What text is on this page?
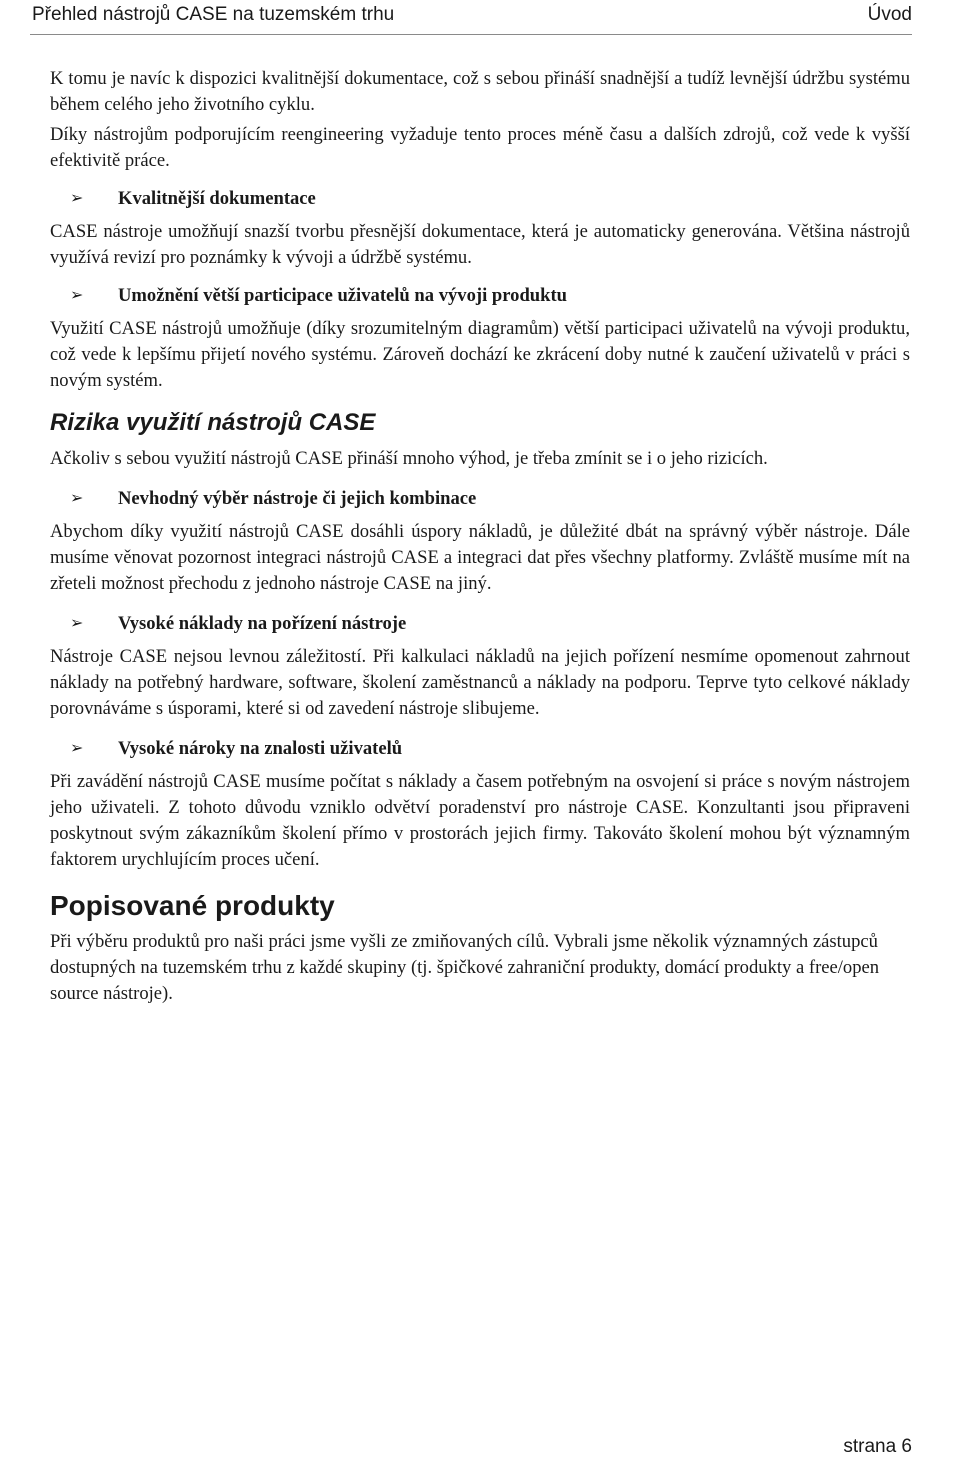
Přehled nástrojů CASE na tuzemském trhu	Úvod

K tomu je navíc k dispozici kvalitnější dokumentace, což s sebou přináší snadnější a tudíž levnější údržbu systému během celého jeho životního cyklu.

Díky nástrojům podporujícím reengineering vyžaduje tento proces méně času a dalších zdrojů, což vede k vyšší efektivitě práce.

➢ Kvalitnější dokumentace

CASE nástroje umožňují snazší tvorbu přesnější dokumentace, která je automaticky generována. Většina nástrojů využívá revizí pro poznámky k vývoji a údržbě systému.

➢ Umožnění větší participace uživatelů na vývoji produktu

Využití CASE nástrojů umožňuje (díky srozumitelným diagramům) větší participaci uživatelů na vývoji produktu, což vede k lepšímu přijetí nového systému. Zároveň dochází ke zkrácení doby nutné k zaučení uživatelů v práci s novým systém.

Rizika využití nástrojů CASE

Ačkoliv s sebou využití nástrojů CASE přináší mnoho výhod, je třeba zmínit se i o jeho rizicích.

➢ Nevhodný výběr nástroje či jejich kombinace

Abychom díky využití nástrojů CASE dosáhli úspory nákladů, je důležité dbát na správný výběr nástroje. Dále musíme věnovat pozornost integraci nástrojů CASE a integraci dat přes všechny platformy. Zvláště musíme mít na zřeteli možnost přechodu z jednoho nástroje CASE na jiný.

➢ Vysoké náklady na pořízení nástroje

Nástroje CASE nejsou levnou záležitostí. Při kalkulaci nákladů na jejich pořízení nesmíme opomenout zahrnout náklady na potřebný hardware, software, školení zaměstnanců a náklady na podporu. Teprve tyto celkové náklady porovnáváme s úsporami, které si od zavedení nástroje slibujeme.

➢ Vysoké nároky na znalosti uživatelů

Při zavádění nástrojů CASE musíme počítat s náklady a časem potřebným na osvojení si práce s novým nástrojem jeho uživateli. Z tohoto důvodu vzniklo odvětví poradenství pro nástroje CASE. Konzultanti jsou připraveni poskytnout svým zákazníkům školení přímo v prostorách jejich firmy. Takováto školení mohou být významným faktorem urychlujícím proces učení.

Popisované produkty

Při výběru produktů pro naši práci jsme vyšli ze zmiňovaných cílů. Vybrali jsme několik významných zástupců dostupných na tuzemském trhu z každé skupiny (tj. špičkové zahraniční produkty, domácí produkty a free/open source nástroje).

strana 6
